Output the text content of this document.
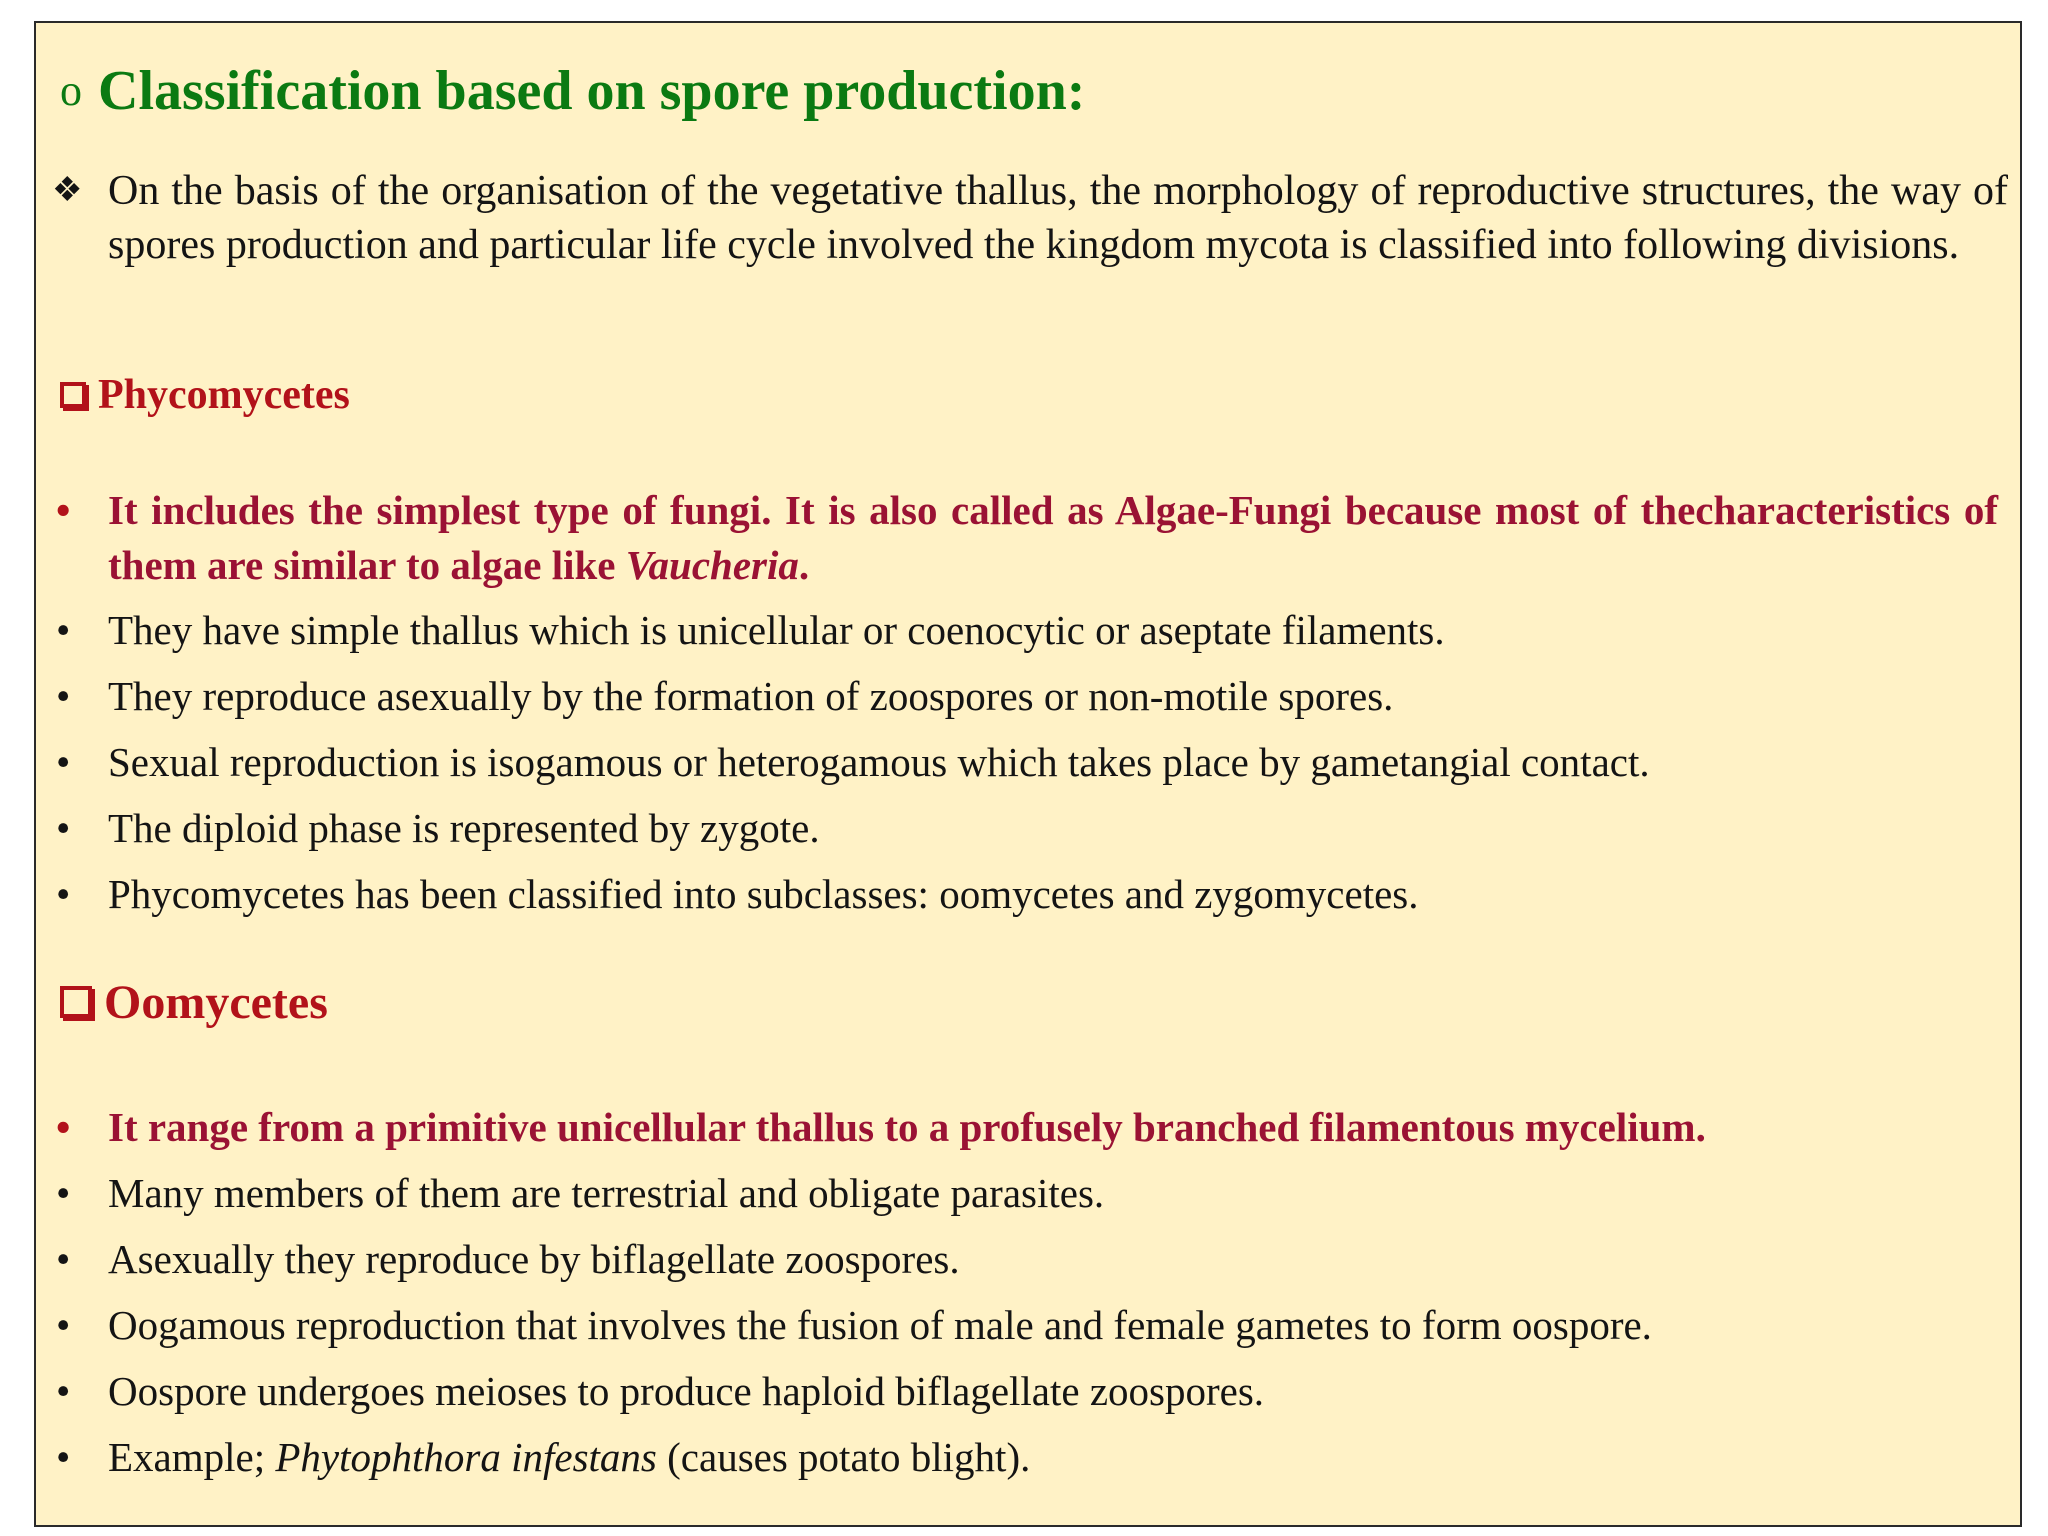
o Classification based on spore production:
❖ On the basis of the organisation of the vegetative thallus, the morphology of reproductive structures, the way of spores production and particular life cycle involved the kingdom mycota is classified into following divisions.
Phycomycetes
• It includes the simplest type of fungi. It is also called as Algae-Fungi because most of thecharacteristics of them are similar to algae like Vaucheria.
• They have simple thallus which is unicellular or coenocytic or aseptate filaments.
• They reproduce asexually by the formation of zoospores or non-motile spores.
• Sexual reproduction is isogamous or heterogamous which takes place by gametangial contact.
• The diploid phase is represented by zygote.
• Phycomycetes has been classified into subclasses: oomycetes and zygomycetes.
Oomycetes
• It range from a primitive unicellular thallus to a profusely branched filamentous mycelium.
• Many members of them are terrestrial and obligate parasites.
• Asexually they reproduce by biflagellate zoospores.
• Oogamous reproduction that involves the fusion of male and female gametes to form oospore.
• Oospore undergoes meioses to produce haploid biflagellate zoospores.
• Example; Phytophthora infestans (causes potato blight).
